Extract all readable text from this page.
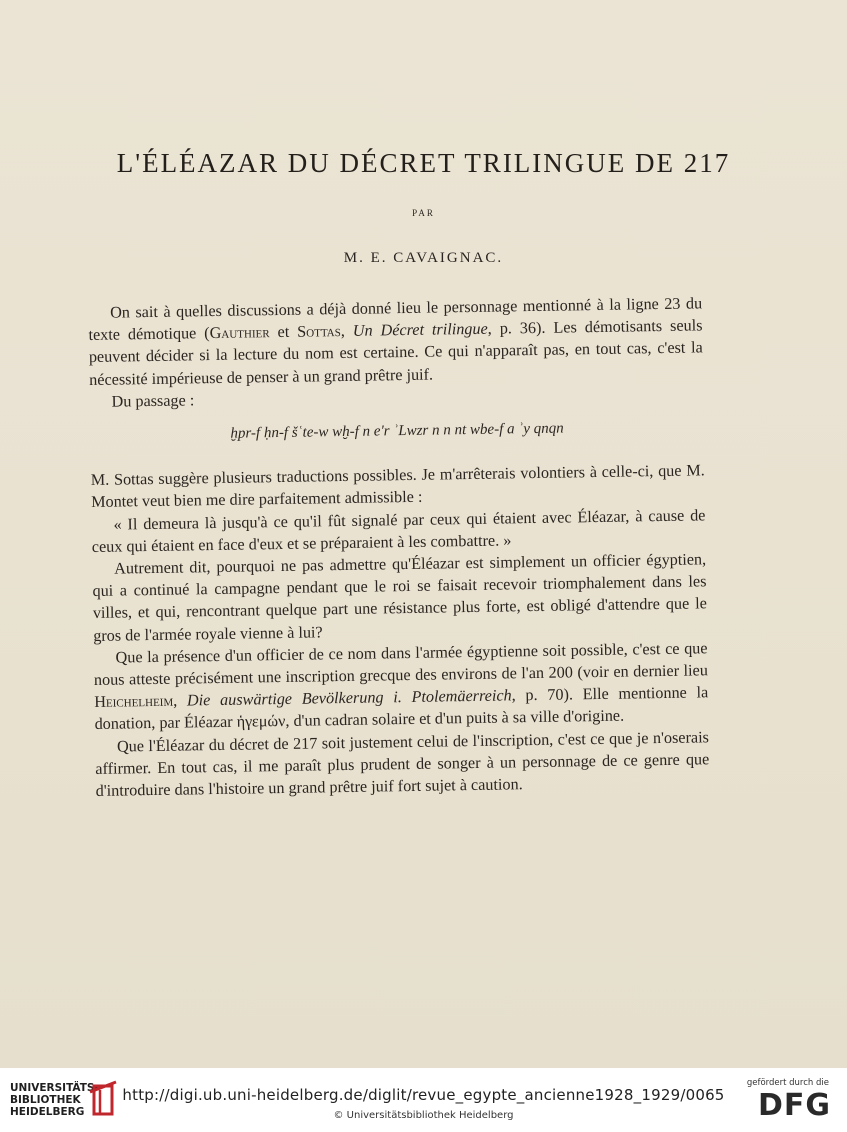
L'ÉLÉAZAR DU DÉCRET TRILINGUE DE 217
PAR
M. E. CAVAIGNAC.

On sait à quelles discussions a déjà donné lieu le personnage mentionné à la ligne 23 du texte démotique (Gauthier et Sottas, Un Décret trilingue, p. 36). Les démotisants seuls peuvent décider si la lecture du nom est certaine. Ce qui n'apparaît pas, en tout cas, c'est la nécessité impérieuse de penser à un grand prêtre juif.

Du passage :

ḫpr-f ḥn-f šʿte-w wḫ-f n e'r ʾLwzr n n nt wbe-f a ʾy qnqn

M. Sottas suggère plusieurs traductions possibles. Je m'arrêterais volontiers à celle-ci, que M. Montet veut bien me dire parfaitement admissible :

« Il demeura là jusqu'à ce qu'il fût signalé par ceux qui étaient avec Éléazar, à cause de ceux qui étaient en face d'eux et se préparaient à les combattre. »

Autrement dit, pourquoi ne pas admettre qu'Éléazar est simplement un officier égyptien, qui a continué la campagne pendant que le roi se faisait recevoir triomphalement dans les villes, et qui, rencontrant quelque part une résistance plus forte, est obligé d'attendre que le gros de l'armée royale vienne à lui?

Que la présence d'un officier de ce nom dans l'armée égyptienne soit possible, c'est ce que nous atteste précisément une inscription grecque des environs de l'an 200 (voir en dernier lieu Heichelheim, Die auswärtige Bevölkerung i. Ptolemäerreich, p. 70). Elle mentionne la donation, par Éléazar ἡγεμών, d'un cadran solaire et d'un puits à sa ville d'origine.

Que l'Éléazar du décret de 217 soit justement celui de l'inscription, c'est ce que je n'oserais affirmer. En tout cas, il me paraît plus prudent de songer à un personnage de ce genre que d'introduire dans l'histoire un grand prêtre juif fort sujet à caution.

UNIVERSITÄTS-
BIBLIOTHEK
HEIDELBERG
http://digi.ub.uni-heidelberg.de/diglit/revue_egypte_ancienne1928_1929/0065
© Universitätsbibliothek Heidelberg
gefördert durch die
DFG
